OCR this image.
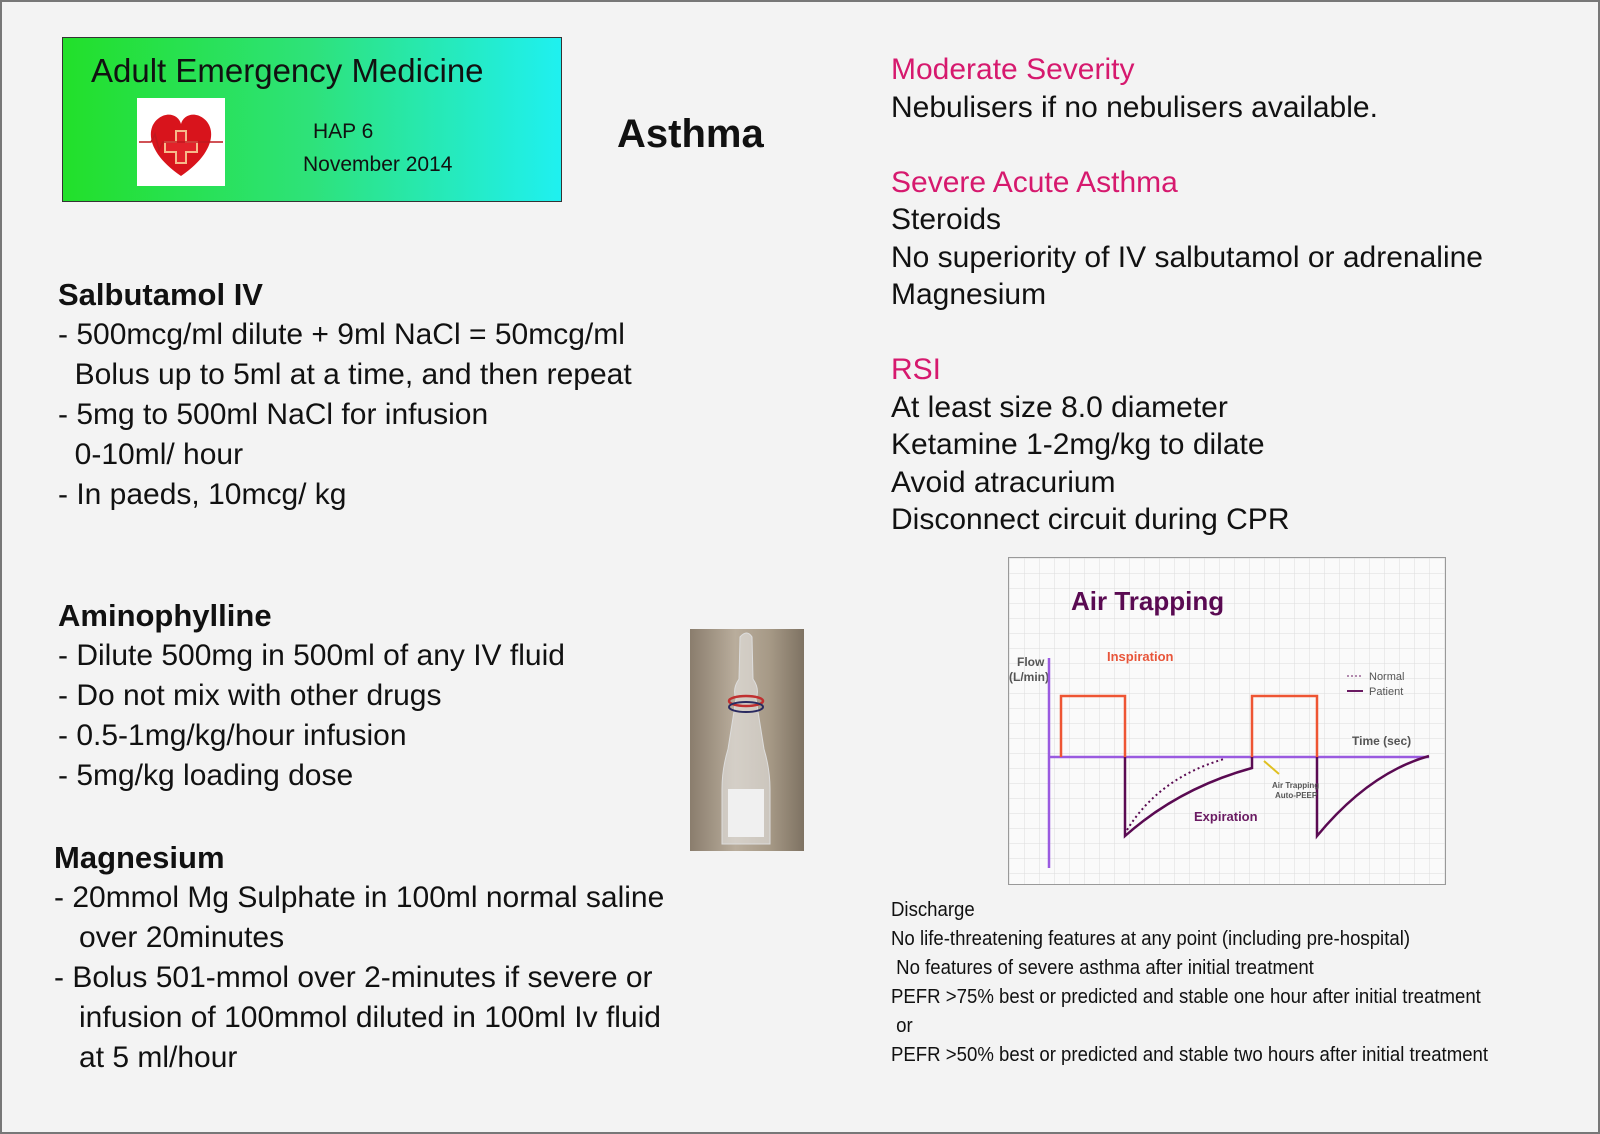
Adult Emergency Medicine
HAP 6
November 2014
Asthma
Salbutamol IV
- 500mcg/ml dilute + 9ml NaCl = 50mcg/ml
Bolus up to 5ml at a time, and then repeat
- 5mg to 500ml NaCl for infusion
0-10ml/ hour
- In paeds, 10mcg/ kg
Aminophylline
- Dilute 500mg in 500ml of any IV fluid
- Do not mix with other drugs
- 0.5-1mg/kg/hour infusion
- 5mg/kg loading dose
Magnesium
- 20mmol Mg Sulphate in 100ml normal saline
over 20minutes
- Bolus 501-mmol over 2-minutes if severe or
infusion of 100mmol diluted in 100ml Iv fluid
at 5 ml/hour
Moderate Severity
Nebulisers if no nebulisers available.
Severe Acute Asthma
Steroids
No superiority of IV salbutamol or adrenaline
Magnesium
RSI
At least size 8.0 diameter
Ketamine 1-2mg/kg to dilate
Avoid atracurium
Disconnect circuit during CPR
Air Trapping
Flow
(L/min)
Inspiration
Expiration
Time (sec)
Normal
Patient
Air Trapping
Auto-PEEP
Discharge
No life-threatening features at any point (including pre-hospital)
No features of severe asthma after initial treatment
PEFR >75% best or predicted and stable one hour after initial treatment
or
PEFR >50% best or predicted and stable two hours after initial treatment
